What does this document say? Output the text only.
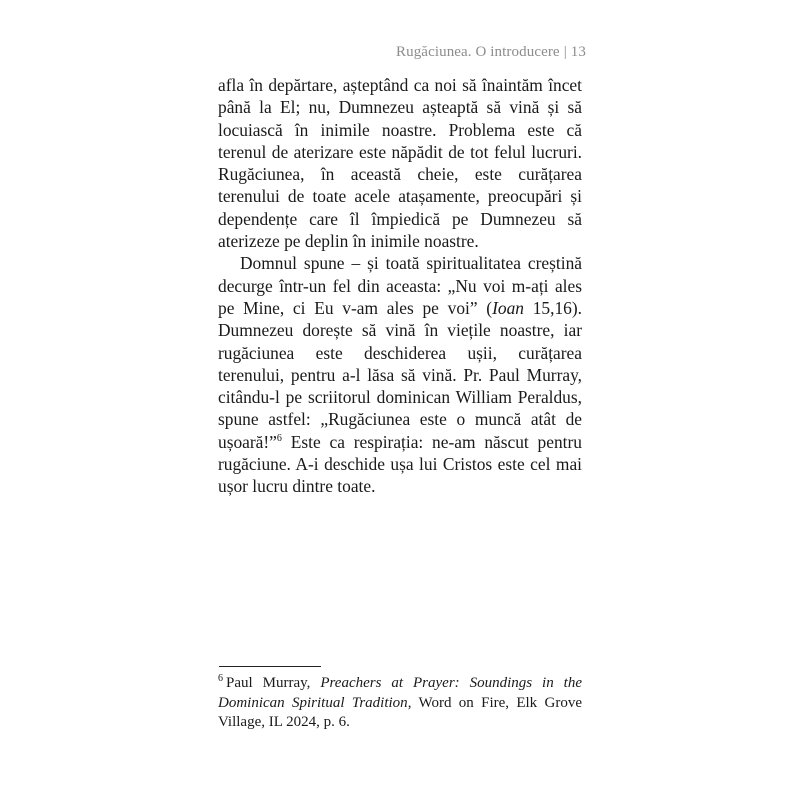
Rugăciunea. O introducere | 13

afla în depărtare, așteptând ca noi să înaintăm încet până la El; nu, Dumnezeu așteaptă să vină și să locuiască în inimile noastre. Problema este că terenul de aterizare este năpădit de tot felul lucruri. Rugăciunea, în această cheie, este curățarea terenului de toate acele atașamente, preocupări și dependențe care îl împiedică pe Dumnezeu să aterizeze pe deplin în inimile noastre.

Domnul spune – și toată spiritualitatea creștină decurge într-un fel din aceasta: „Nu voi m-ați ales pe Mine, ci Eu v-am ales pe voi” (Ioan 15,16). Dumnezeu dorește să vină în viețile noastre, iar rugăciunea este deschiderea ușii, curățarea terenului, pentru a-l lăsa să vină. Pr. Paul Murray, citându-l pe scriitorul dominican William Peraldus, spune astfel: „Rugăciunea este o muncă atât de ușoară!”$^6$ Este ca respirația: ne-am născut pentru rugăciune. A-i deschide ușa lui Cristos este cel mai ușor lucru dintre toate.

$^6$ Paul Murray, Preachers at Prayer: Soundings in the Dominican Spiritual Tradition, Word on Fire, Elk Grove Village, IL 2024, p. 6.
